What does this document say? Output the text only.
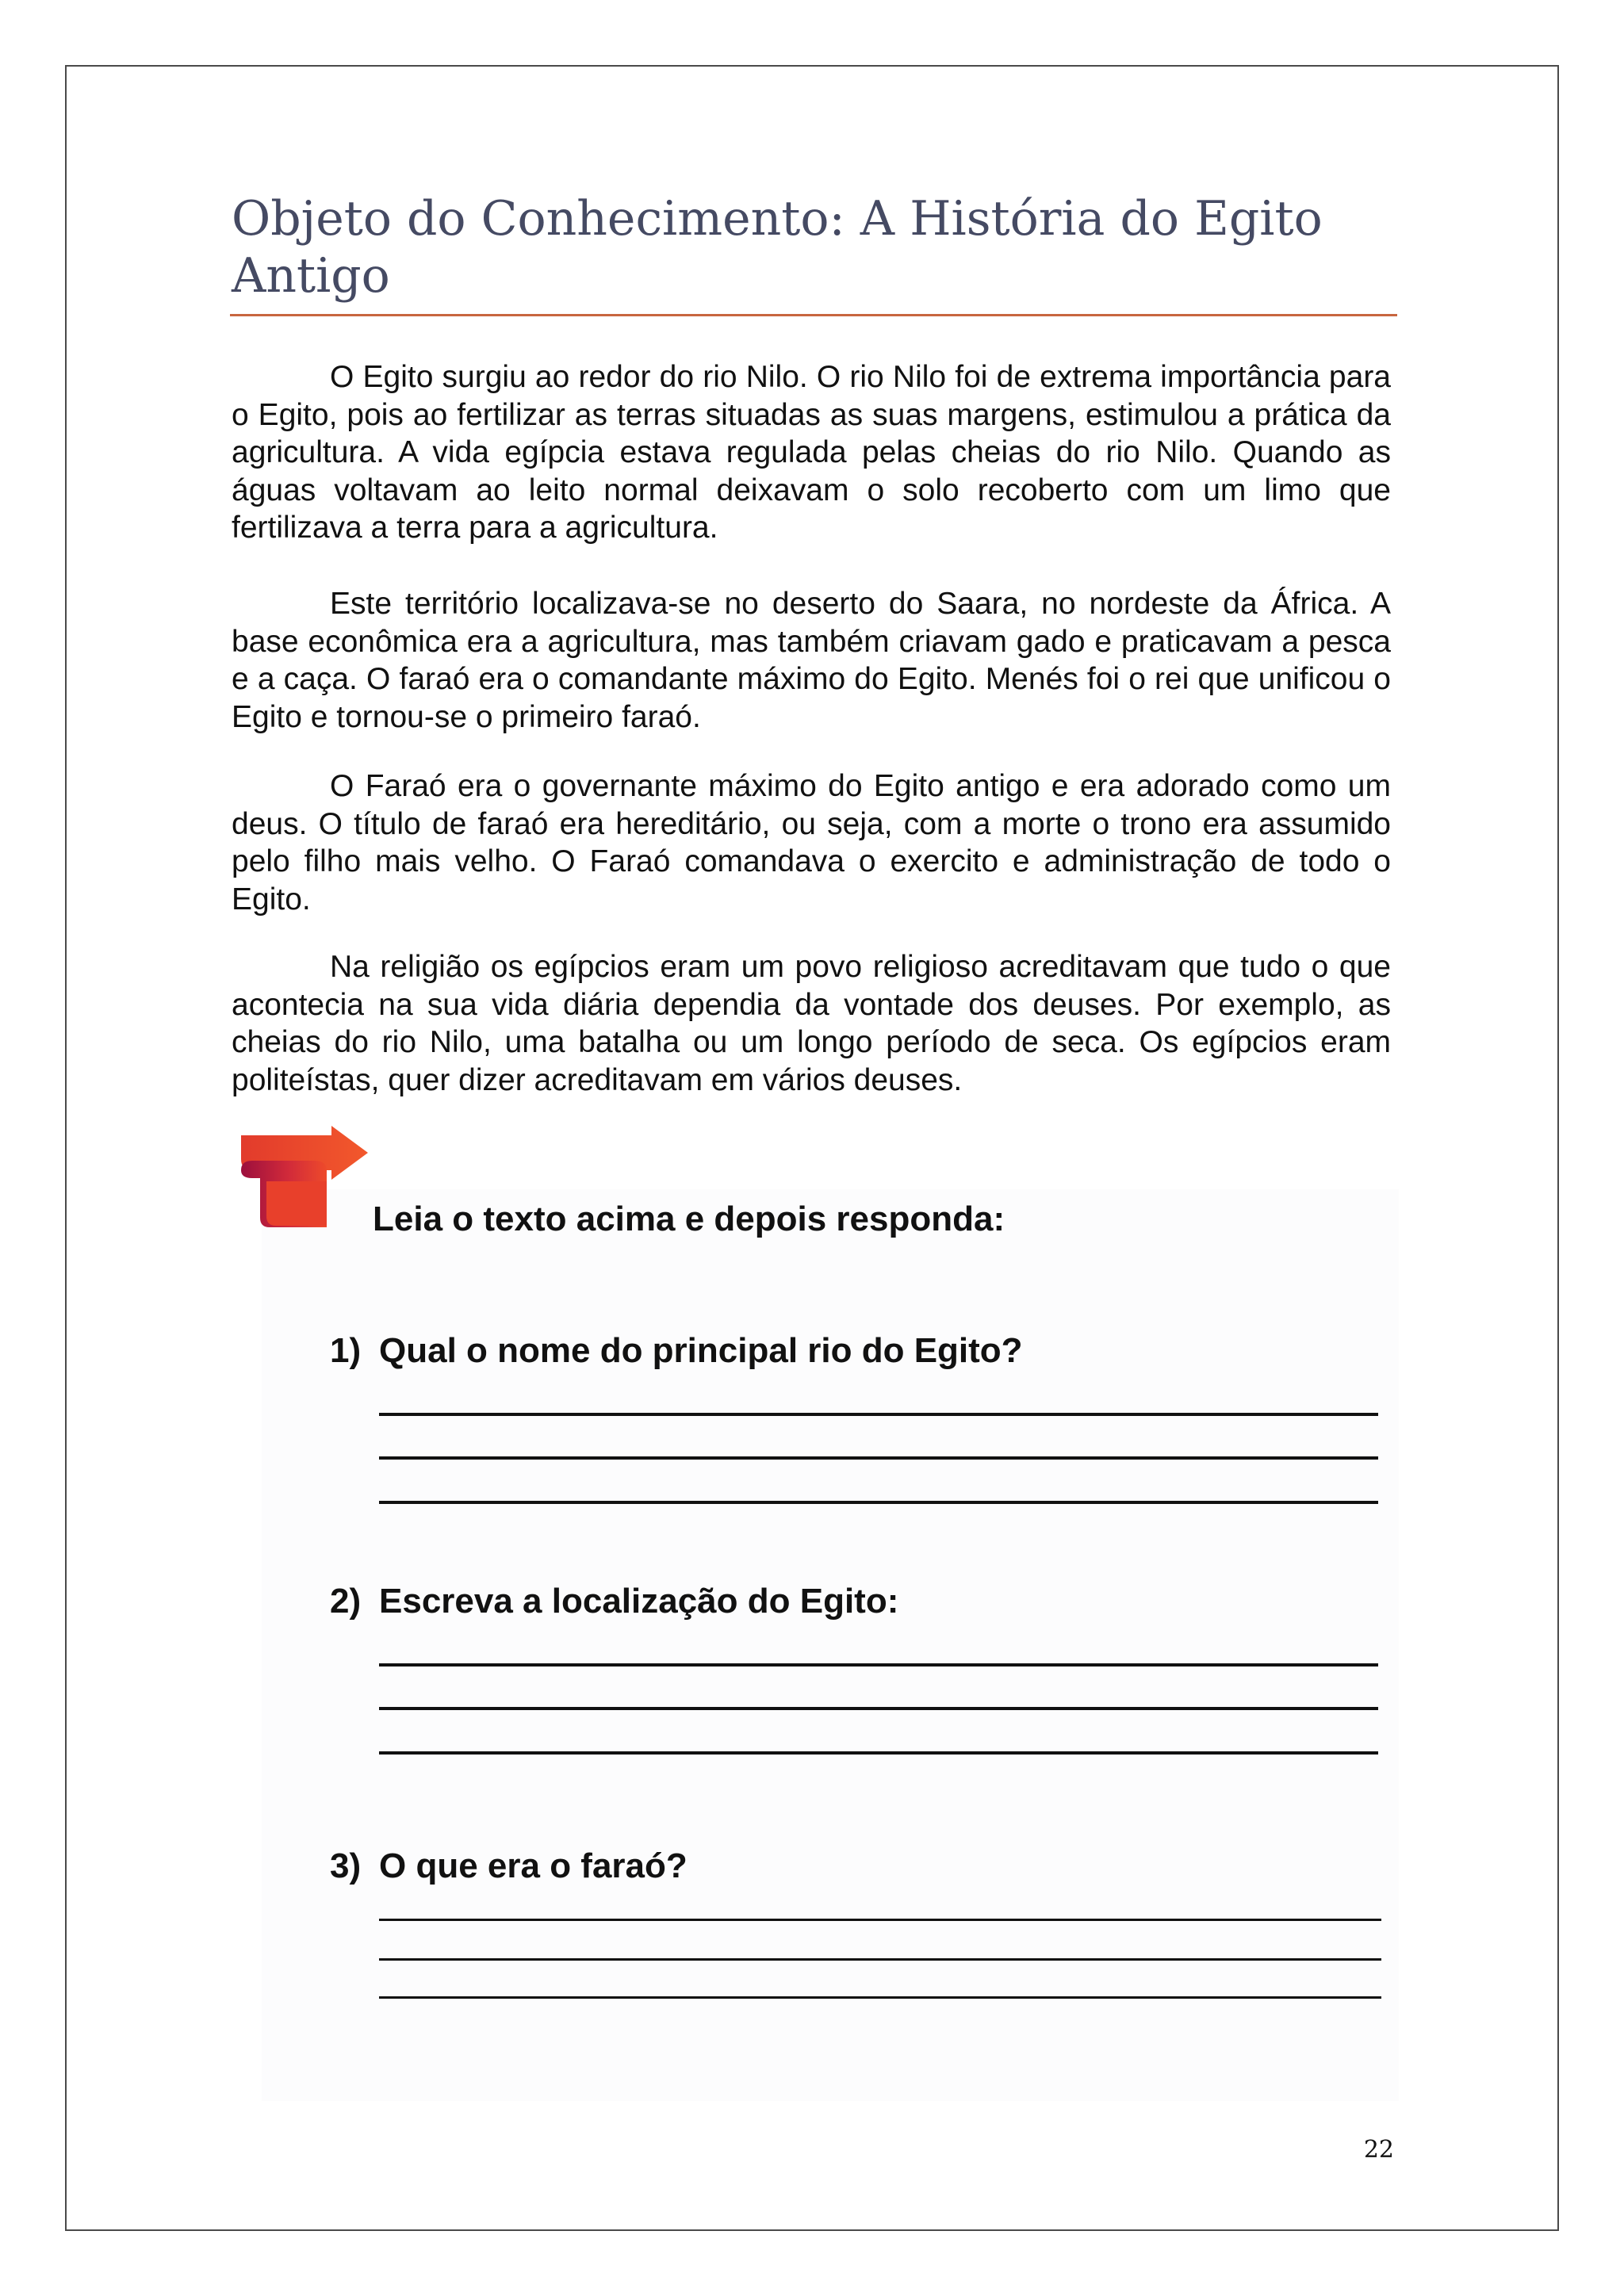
Objeto do Conhecimento: A História do Egito Antigo

O Egito surgiu ao redor do rio Nilo. O rio Nilo foi de extrema importância para o Egito, pois ao fertilizar as terras situadas as suas margens, estimulou a prática da agricultura. A vida egípcia estava regulada pelas cheias do rio Nilo. Quando as águas voltavam ao leito normal deixavam o solo recoberto com um limo que fertilizava a terra para a agricultura.

Este território localizava-se no deserto do Saara, no nordeste da África. A base econômica era a agricultura, mas também criavam gado e praticavam a pesca e a caça. O faraó era o comandante máximo do Egito. Menés foi o rei que unificou o Egito e tornou-se o primeiro faraó.

O Faraó era o governante máximo do Egito antigo e era adorado como um deus. O título de faraó era hereditário, ou seja, com a morte o trono era assumido pelo filho mais velho. O Faraó comandava o exercito e administração de todo o Egito.

Na religião os egípcios eram um povo religioso acreditavam que tudo o que acontecia na sua vida diária dependia da vontade dos deuses. Por exemplo, as cheias do rio Nilo, uma batalha ou um longo período de seca. Os egípcios eram politeístas, quer dizer acreditavam em vários deuses.

Leia o texto acima e depois responda:

1) Qual o nome do principal rio do Egito?
2) Escreva a localização do Egito:
3) O que era o faraó?
22
